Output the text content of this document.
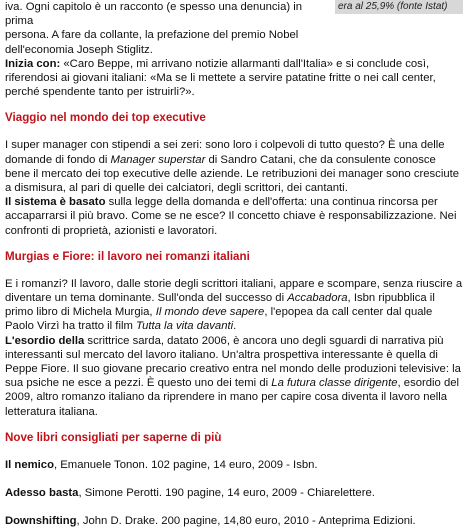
era al 25,9% (fonte Istat)

iva. Ogni capitolo è un racconto (e spesso una denuncia) in prima

persona. A fare da collante, la prefazione del premio Nobel

dell'economia Joseph Stiglitz.

Inizia con: «Caro Beppe, mi arrivano notizie allarmanti dall'Italia» e si conclude così, riferendosi ai giovani italiani: «Ma se li mettete a servire patatine fritte o nei call center, perché spendente tanto per istruirli?».

Viaggio nel mondo dei top executive

I super manager con stipendi a sei zeri: sono loro i colpevoli di tutto questo? È una delle domande di fondo di Manager superstar di Sandro Catani, che da consulente conosce bene il mercato dei top executive delle aziende. Le retribuzioni dei manager sono cresciute a dismisura, al pari di quelle dei calciatori, degli scrittori, dei cantanti.

Il sistema è basato sulla legge della domanda e dell'offerta: una continua rincorsa per accaparrarsi il più bravo. Come se ne esce? Il concetto chiave è responsabilizzazione. Nei confronti di proprietà, azionisti e lavoratori.

Murgias e Fiore: il lavoro nei romanzi italiani

E i romanzi? Il lavoro, dalle storie degli scrittori italiani, appare e scompare, senza riuscire a diventare un tema dominante. Sull'onda del successo di Accabadora, Isbn ripubblica il primo libro di Michela Murgia, Il mondo deve sapere, l'epopea da call center dal quale Paolo Virzì ha tratto il film Tutta la vita davanti.

L'esordio della scrittrice sarda, datato 2006, è ancora uno degli sguardi di narrativa più interessanti sul mercato del lavoro italiano. Un'altra prospettiva interessante è quella di Peppe Fiore. Il suo giovane precario creativo entra nel mondo delle produzioni televisive: la sua psiche ne esce a pezzi. È questo uno dei temi di La futura classe dirigente, esordio del 2009, altro romanzo italiano da riprendere in mano per capire cosa diventa il lavoro nella letteratura italiana.

Nove libri consigliati per saperne di più

Il nemico, Emanuele Tonon. 102 pagine, 14 euro, 2009 - Isbn.

Adesso basta, Simone Perotti. 190 pagine, 14 euro, 2009 - Chiarelettere.

Downshifting, John D. Drake. 200 pagine, 14,80 euro, 2010 - Anteprima Edizioni.
